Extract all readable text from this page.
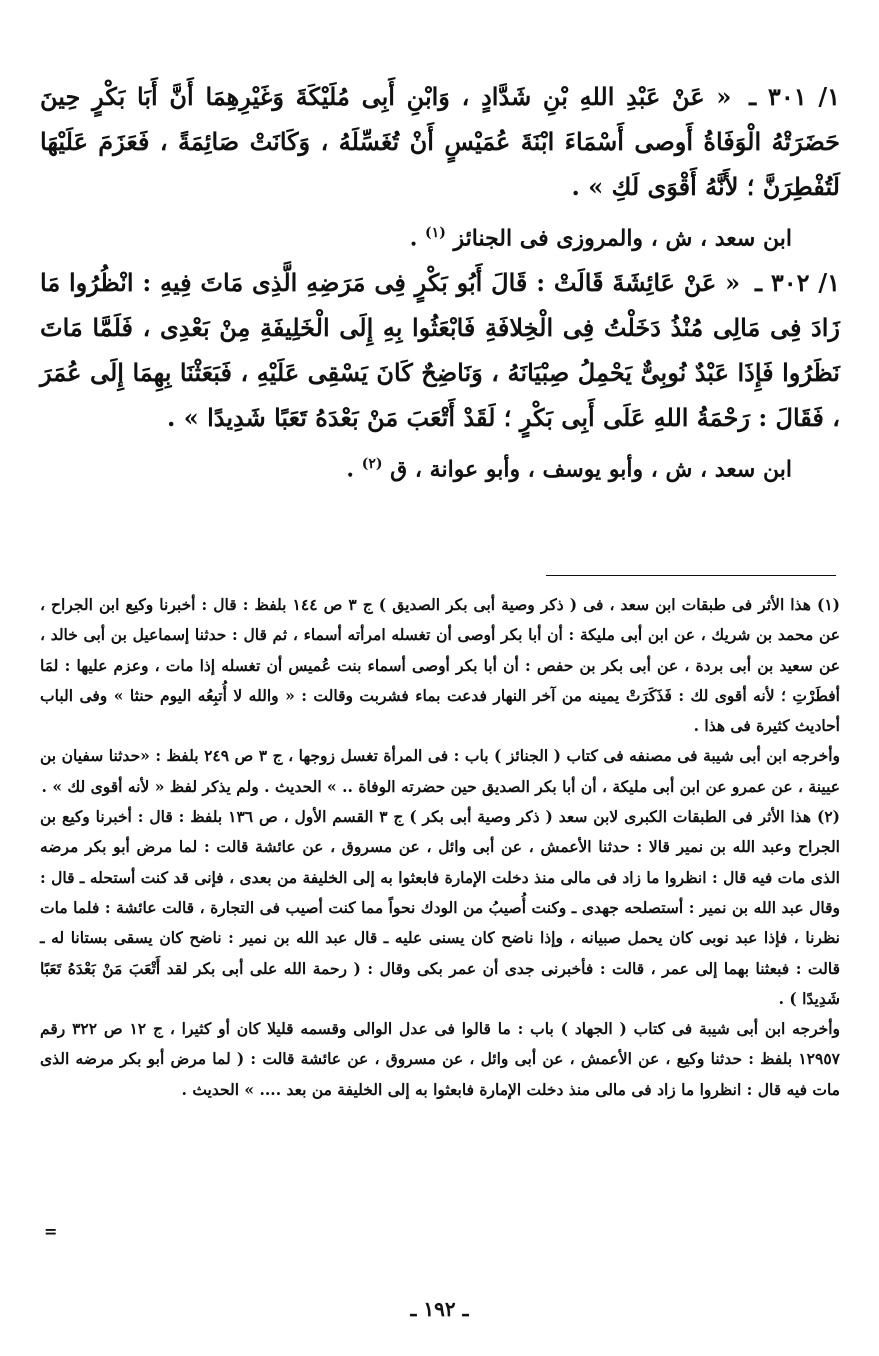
١/ ٣٠١ ـ « عَنْ عَبْدِ اللهِ بْنِ شَدَّادٍ ، وَابْنِ أَبِى مُلَيْكَةَ وَغَيْرِهِمَا أَنَّ أَبَا بَكْرٍ حِينَ حَضَرَتْهُ الْوَفَاةُ أَوصى أَسْمَاءَ ابْنَةَ عُمَيْسٍ أَنْ تُغَسِّلَهُ ، وَكَانَتْ صَائِمَةً ، فَعَزَمَ عَلَيْهَا لَتُفْطِرَنَّ ؛ لأَنَّهُ أَقْوَى لَكِ » .

ابن سعد ، ش ، والمروزى فى الجنائز $^{(١)}$ .

١/ ٣٠٢ ـ « عَنْ عَائِشَةَ قَالَتْ : قَالَ أَبُو بَكْرٍ فِى مَرَضِهِ الَّذِى مَاتَ فِيهِ : انْظُرُوا مَا زَادَ فِى مَالِى مُنْذُ دَخَلْتُ فِى الْخِلافَةِ فَابْعَثُوا بِهِ إِلَى الْخَلِيفَةِ مِنْ بَعْدِى ، فَلَمَّا مَاتَ نَظَرُوا فَإِذَا عَبْدٌ نُوبِىٌّ يَحْمِلُ صِبْيَانَهُ ، وَنَاضِحٌ كَانَ يَسْقِى عَلَيْهِ ، فَبَعَثْنَا بِهِمَا إِلَى عُمَرَ ، فَقَالَ : رَحْمَةُ اللهِ عَلَى أَبِى بَكْرٍ ؛ لَقَدْ أَتْعَبَ مَنْ بَعْدَهُ تَعَبًا شَدِيدًا » .

ابن سعد ، ش ، وأبو يوسف ، وأبو عوانة ، ق $^{(٢)}$ .

(١) هذا الأثر فى طبقات ابن سعد ، فى ( ذكر وصية أبى بكر الصديق ) ج ٣ ص ١٤٤ بلفظ : قال : أخبرنا وكيع ابن الجراح ، عن محمد بن شريك ، عن ابن أبى مليكة : أن أبا بكر أوصى أن تغسله امرأته أسماء ، ثم قال : حدثنا إسماعيل بن أبى خالد ، عن سعيد بن أبى بردة ، عن أبى بكر بن حفص : أن أبا بكر أوصى أسماء بنت عُميس أن تغسله إذا مات ، وعزم عليها : لمَا أفطَرْتِ ؛ لأنه أقوى لك : فَذَكَرَتْ يمينه من آخر النهار فدعت بماء فشربت وقالت : « والله لا أُتبِعُه اليوم حنثا » وفى الباب أحاديث كثيرة فى هذا .

وأخرجه ابن أبى شيبة فى مصنفه فى كتاب ( الجنائز ) باب : فى المرأة تغسل زوجها ، ج ٣ ص ٢٤٩ بلفظ : «حدثنا سفيان بن عيينة ، عن عمرو عن ابن أبى مليكة ، أن أبا بكر الصديق حين حضرته الوفاة .. » الحديث . ولم يذكر لفظ « لأنه أقوى لك » .

(٢) هذا الأثر فى الطبقات الكبرى لابن سعد ( ذكر وصية أبى بكر ) ج ٣ القسم الأول ، ص ١٣٦ بلفظ : قال : أخبرنا وكيع بن الجراح وعبد الله بن نمير قالا : حدثنا الأعمش ، عن أبى وائل ، عن مسروق ، عن عائشة قالت : لما مرض أبو بكر مرضه الذى مات فيه قال : انظروا ما زاد فى مالى منذ دخلت الإمارة فابعثوا به إلى الخليفة من بعدى ، فإنى قد كنت أستحله ـ قال : وقال عبد الله بن نمير : أستصلحه جهدى ـ وكنت أُصيبُ من الودك نحواً مما كنت أصيب فى التجارة ، قالت عائشة : فلما مات نظرنا ، فإذا عبد نوبى كان يحمل صبيانه ، وإذا ناضح كان يسنى عليه ـ قال عبد الله بن نمير : ناضح كان يسقى بستانا له ـ قالت : فبعثنا بهما إلى عمر ، قالت : فأخبرنى جدى أن عمر بكى وقال : ( رحمة الله على أبى بكر لقد أَتْعَبَ مَنْ بَعْدَهُ تَعَبًا شَدِيدًا ) .

وأخرجه ابن أبى شيبة فى كتاب ( الجهاد ) باب : ما قالوا فى عدل الوالى وقسمه قليلا كان أو كثيرا ، ج ١٢ ص ٣٢٢ رقم ١٢٩٥٧ بلفظ : حدثنا وكيع ، عن الأعمش ، عن أبى وائل ، عن مسروق ، عن عائشة قالت : ( لما مرض أبو بكر مرضه الذى مات فيه قال : انظروا ما زاد فى مالى منذ دخلت الإمارة فابعثوا به إلى الخليفة من بعد .... » الحديث .

=
ـ ١٩٢ ـ
